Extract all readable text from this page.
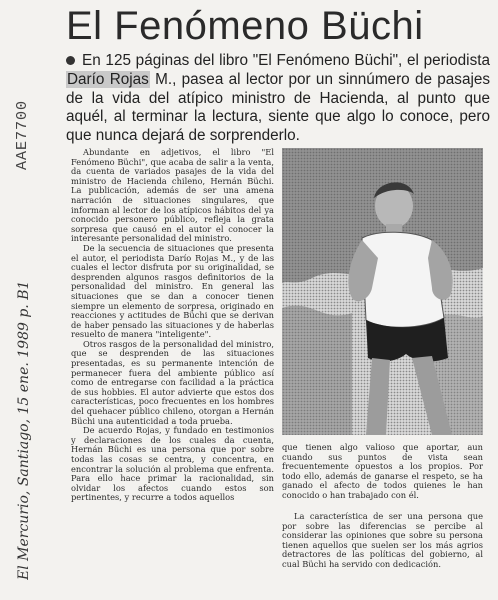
El Fenómeno Büchi

En 125 páginas del libro "El Fenómeno Büchi", el periodista Darío Rojas M., pasea al lector por un sinnúmero de pasajes de la vida del atípico ministro de Hacienda, al punto que aquél, al terminar la lectura, siente que algo lo conoce, pero que nunca dejará de sorprenderlo.

Abundante en adjetivos, el libro "El Fenómeno Büchi", que acaba de salir a la venta, da cuenta de variados pasajes de la vida del ministro de Hacienda chileno, Hernán Büchi. La publicación, además de ser una amena narración de situaciones singulares, que informan al lector de los atípicos hábitos del ya conocido personero público, refleja la grata sorpresa que causó en el autor el conocer la interesante personalidad del ministro.

De la secuencia de situaciones que presenta el autor, el periodista Darío Rojas M., y de las cuales el lector disfruta por su originalidad, se desprenden algunos rasgos definitorios de la personalidad del ministro. En general las situaciones que se dan a conocer tienen siempre un elemento de sorpresa, originado en reacciones y actitudes de Büchi que se derivan de haber pensado las situaciones y de haberlas resuelto de manera "inteligente".

Otros rasgos de la personalidad del ministro, que se desprenden de las situaciones presentadas, es su permanente intención de permanecer fuera del ambiente público así como de entregarse con facilidad a la práctica de sus hobbies. El autor advierte que estos dos características, poco frecuentes en los hombres del quehacer público chileno, otorgan a Hernán Büchi una autenticidad a toda prueba.

De acuerdo Rojas, y fundado en testimonios y declaraciones de los cuales da cuenta, Hernán Büchi es una persona que por sobre todas las cosas se centra, y concentra, en encontrar la solución al problema que enfrenta. Para ello hace primar la racionalidad, sin olvidar los afectos cuando estos son pertinentes, y recurre a todos aquellos

que tienen algo valioso que aportar, aun cuando sus puntos de vista sean frecuentemente opuestos a los propios. Por todo ello, además de ganarse el respeto, se ha ganado el afecto de todos quienes le han conocido o han trabajado con él.

La característica de ser una persona que por sobre las diferencias se percibe al considerar las opiniones que sobre su persona tienen aquellos que suelen ser los más agrios detractores de las políticas del gobierno, al cual Büchi ha servido con dedicación.

AAE7700
El Mercurio, Santiago, 15 ene. 1989 p. B1
